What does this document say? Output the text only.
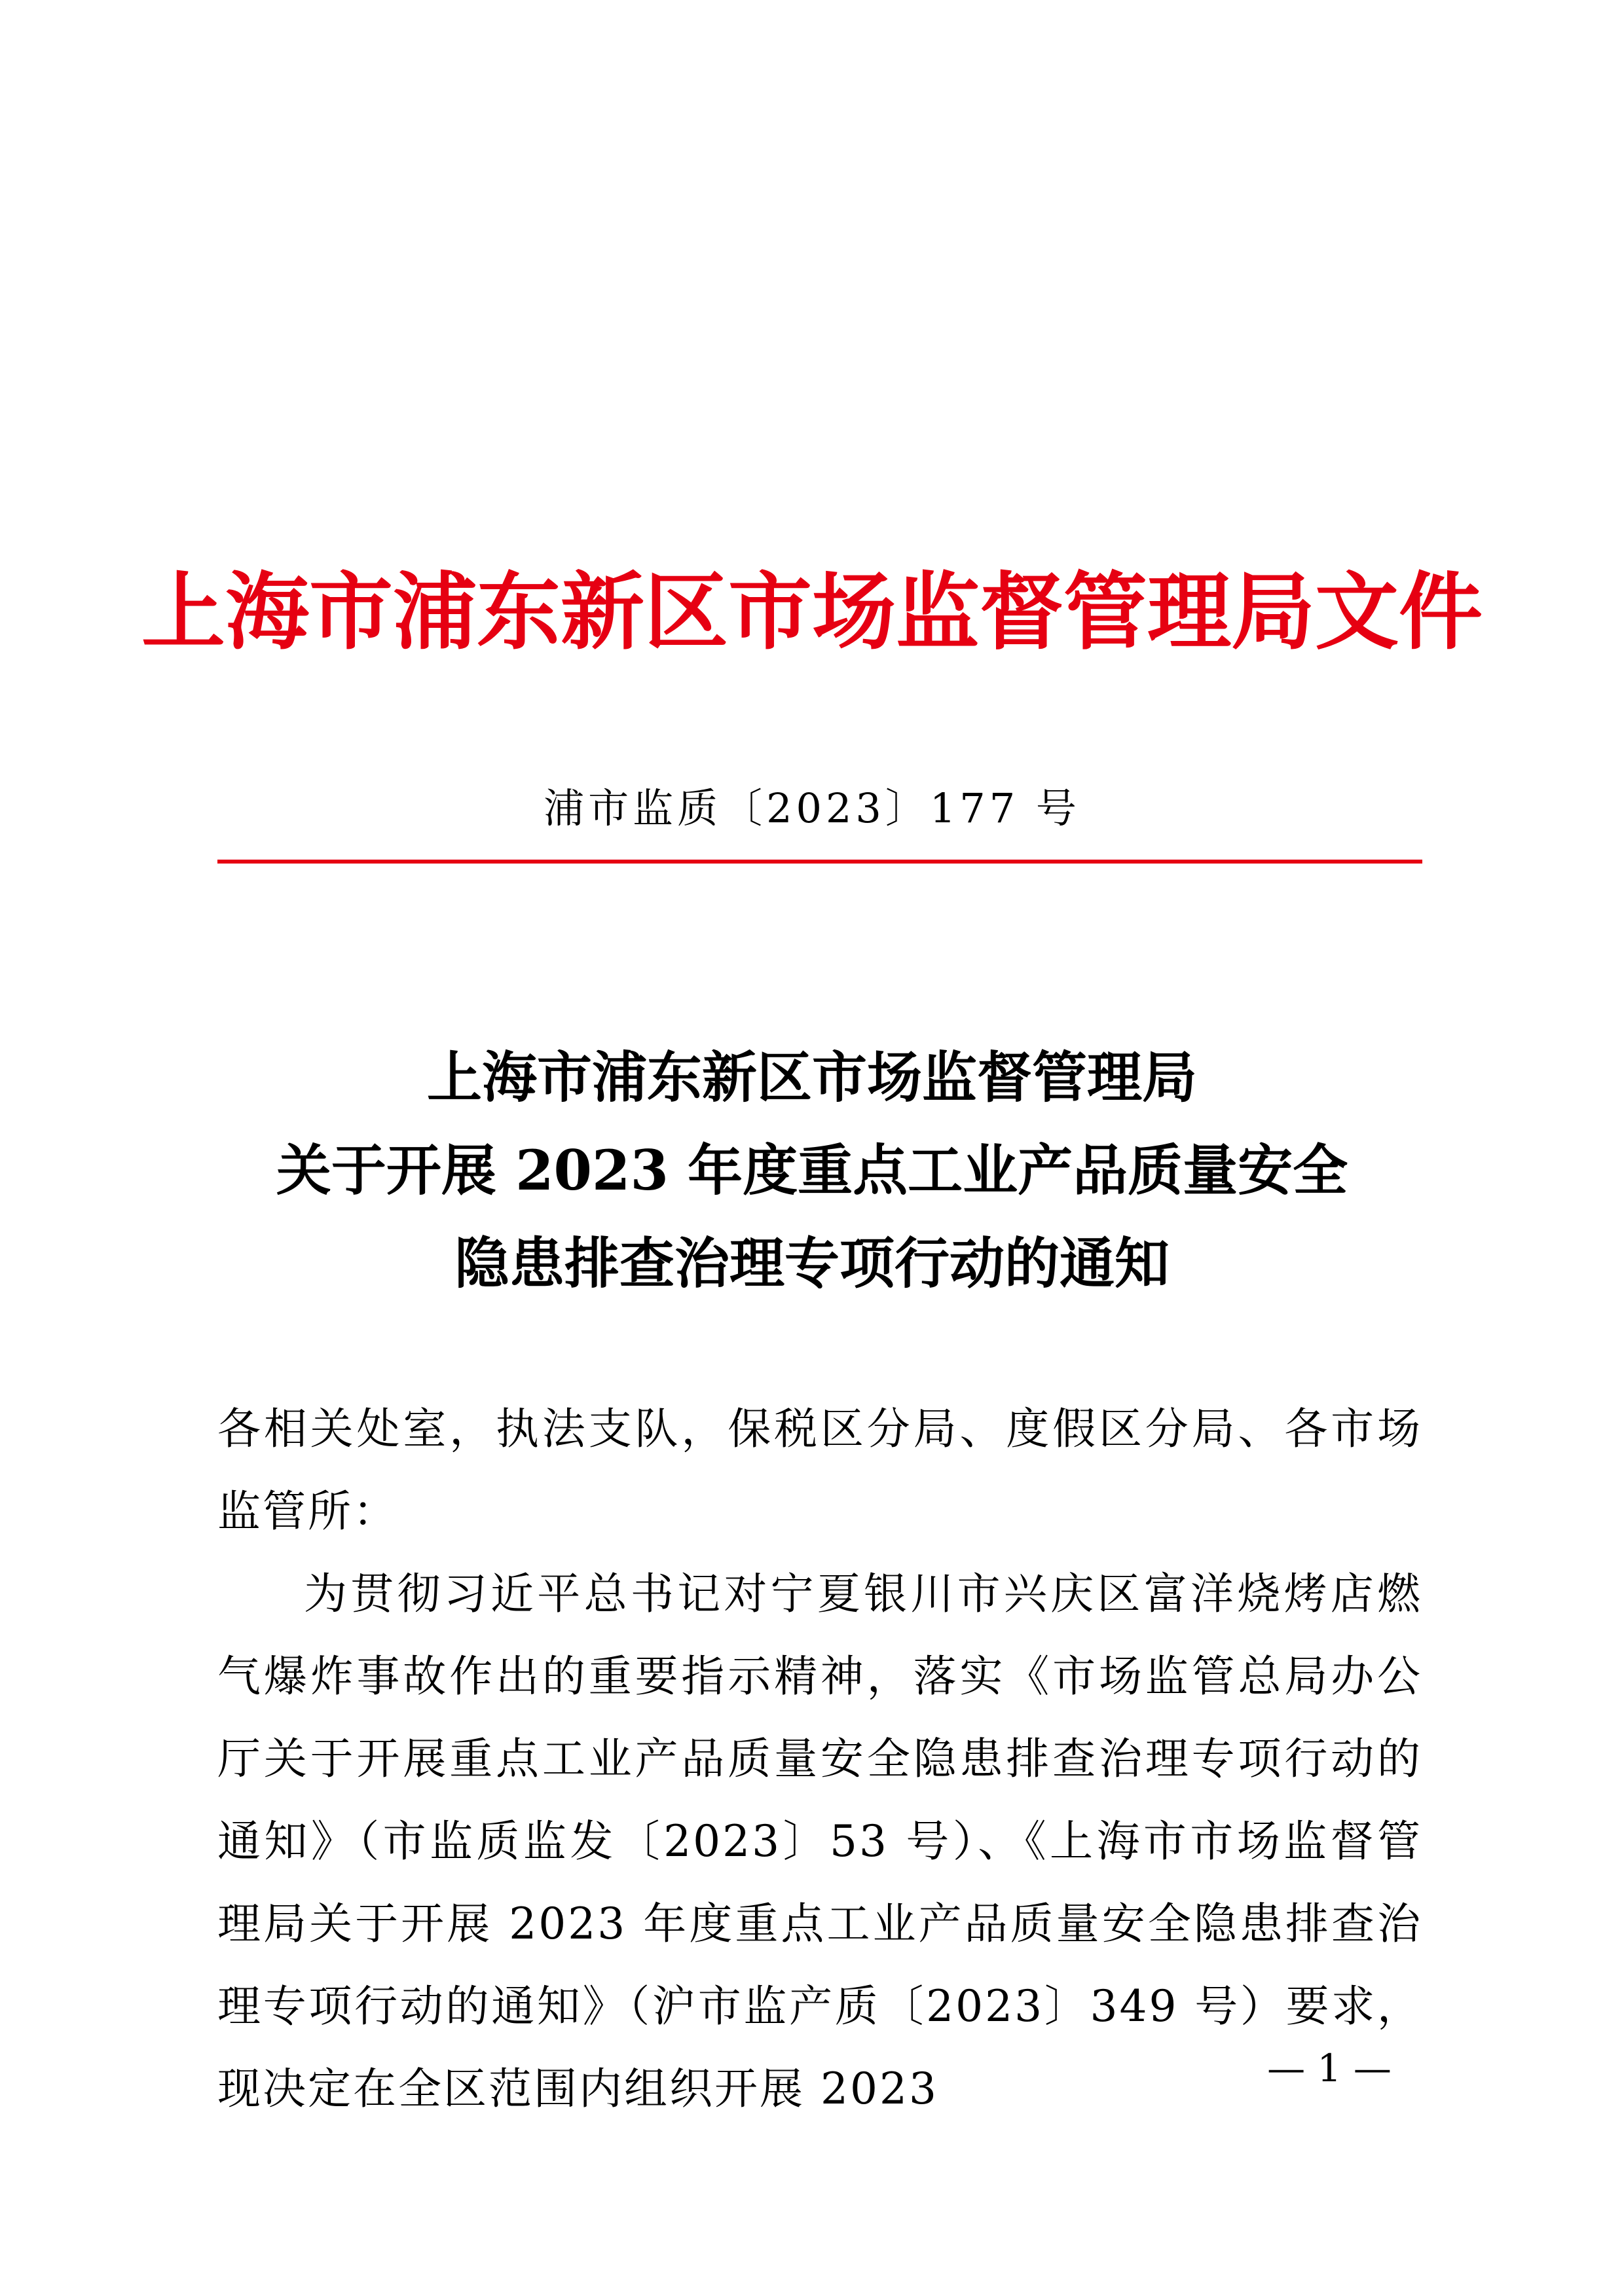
上海市浦东新区市场监督管理局文件
浦市监质〔2023〕177 号
上海市浦东新区市场监督管理局
关于开展 2023 年度重点工业产品质量安全
隐患排查治理专项行动的通知

各相关处室，执法支队，保税区分局、度假区分局、各市场监管所：

为贯彻习近平总书记对宁夏银川市兴庆区富洋烧烤店燃气爆炸事故作出的重要指示精神，落实《市场监管总局办公厅关于开展重点工业产品质量安全隐患排查治理专项行动的通知》（市监质监发〔2023〕53 号）、《上海市市场监督管理局关于开展 2023 年度重点工业产品质量安全隐患排查治理专项行动的通知》（沪市监产质〔2023〕349 号）要求，现决定在全区范围内组织开展 2023	— 1 —
